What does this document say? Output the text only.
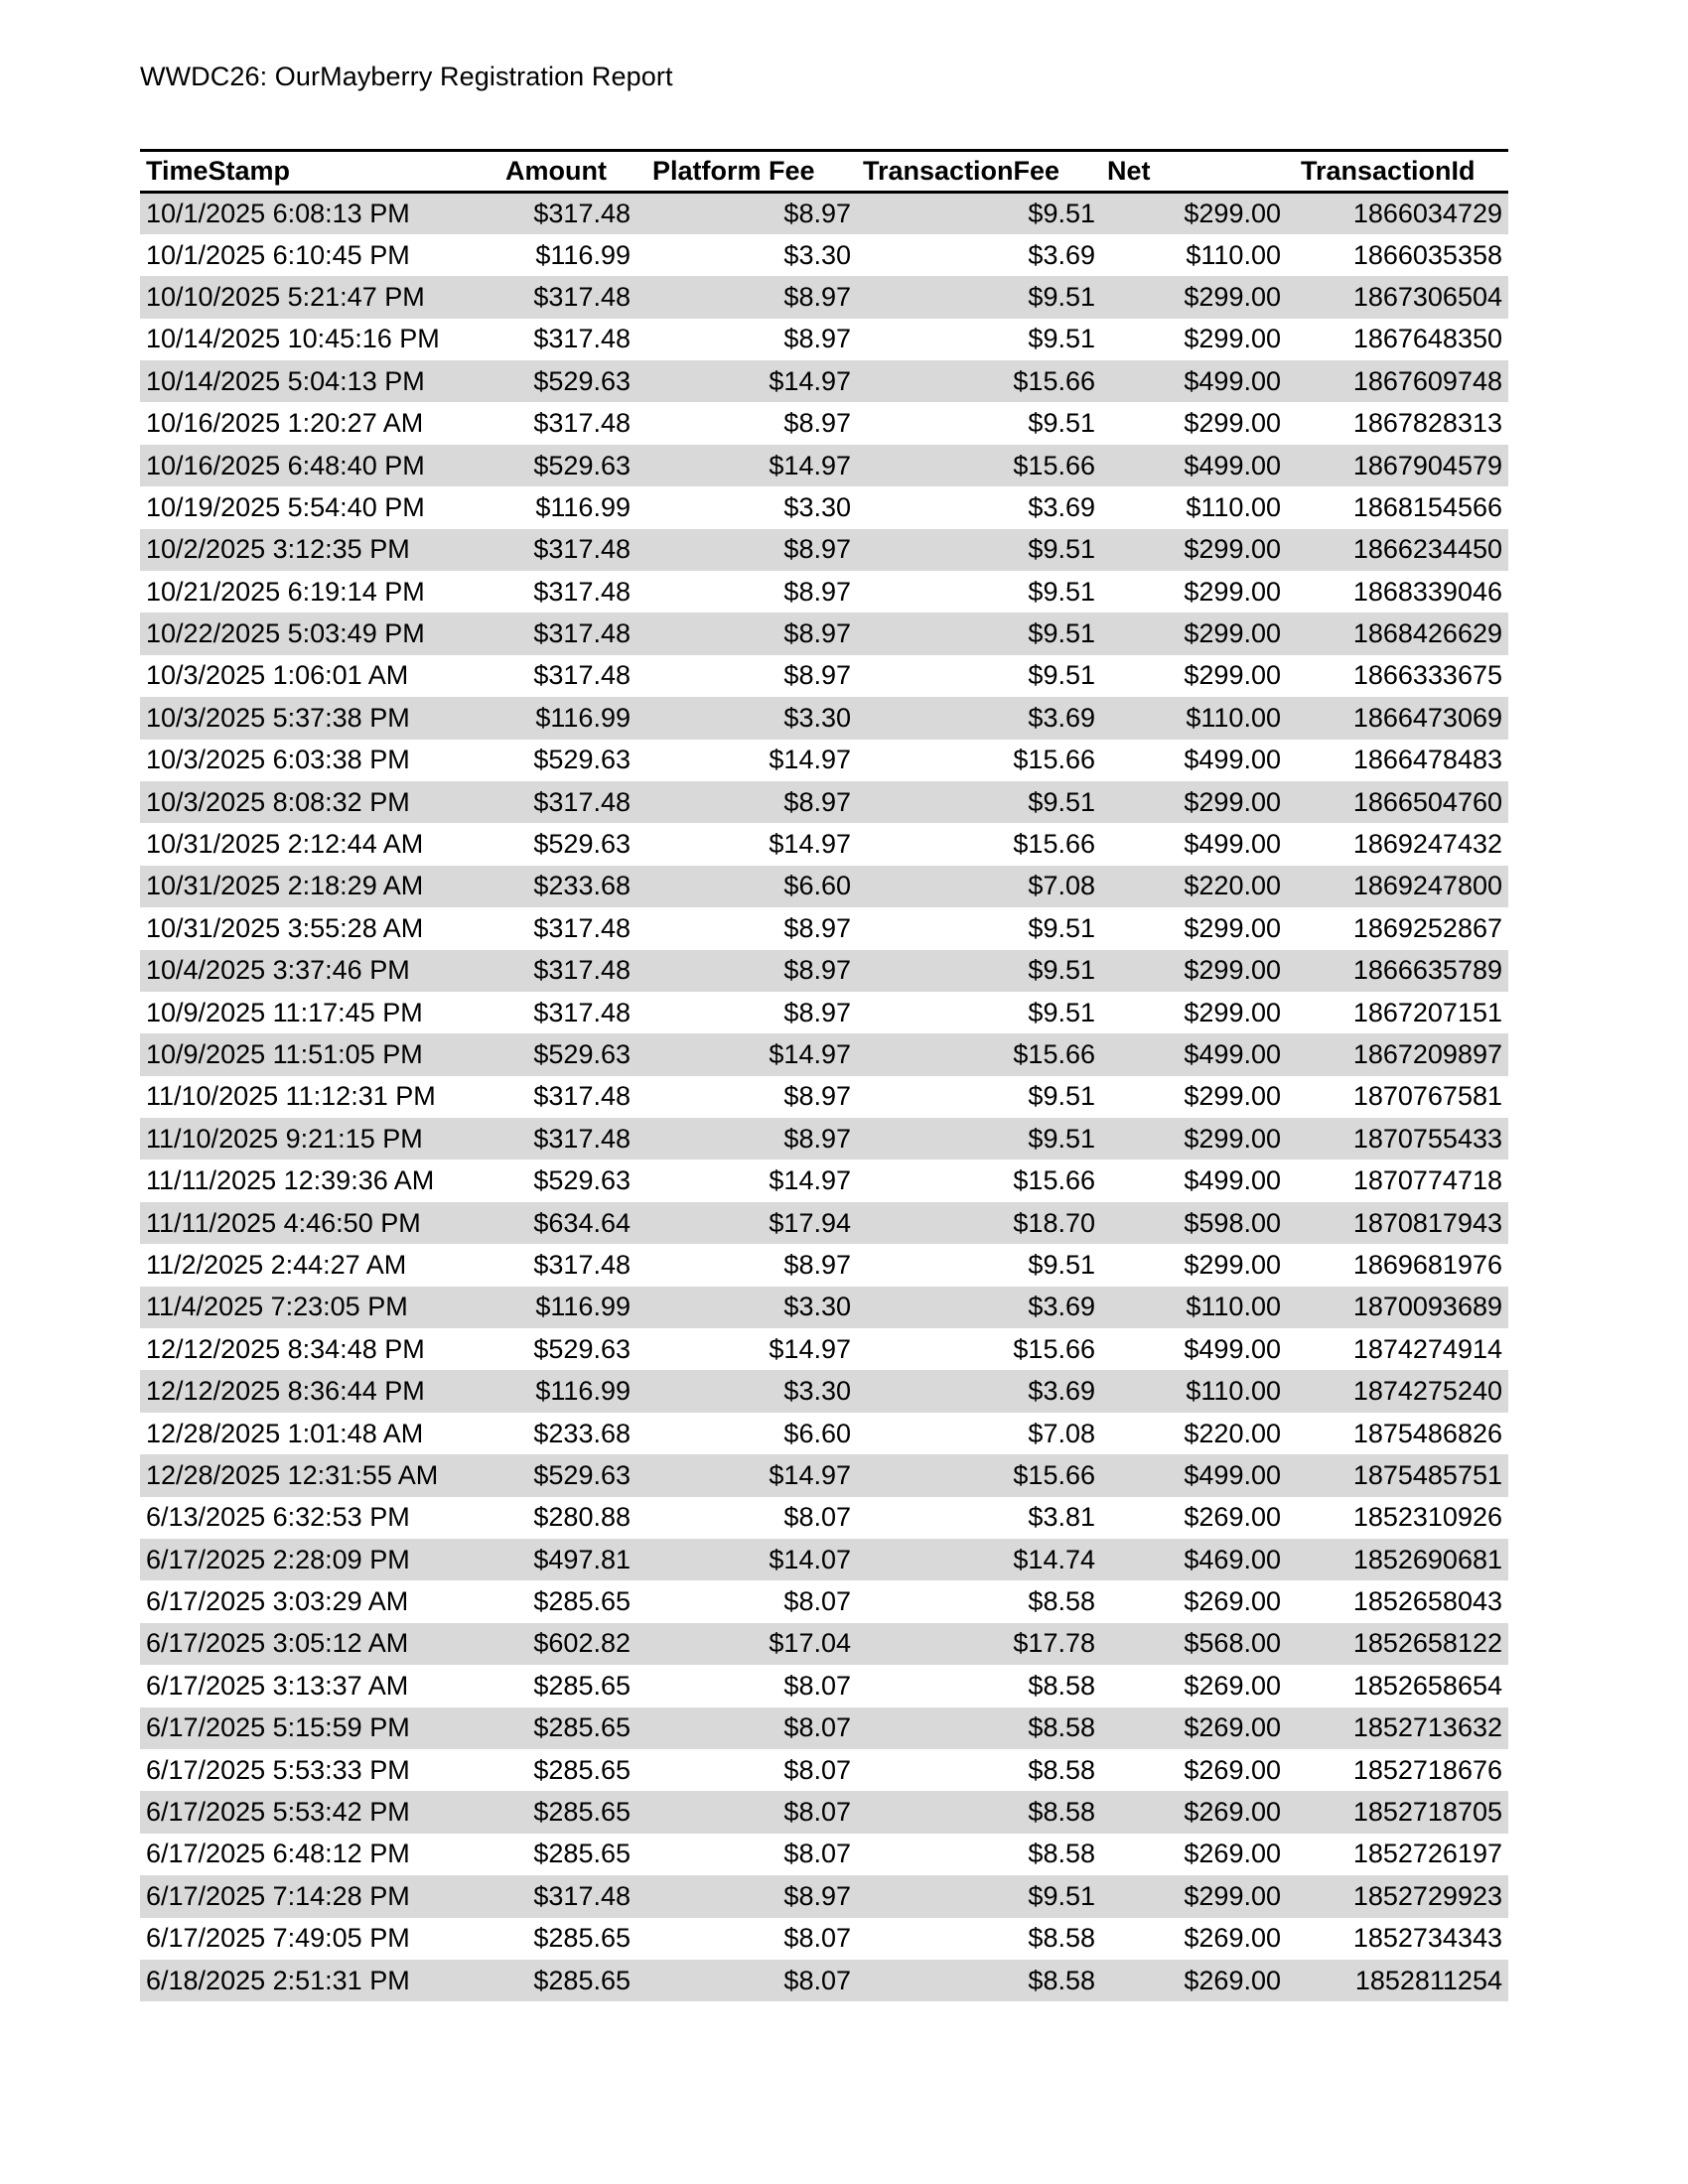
WWDC26: OurMayberry Registration Report
TimeStamp	Amount	Platform Fee	TransactionFee	Net	TransactionId
10/1/2025 6:08:13 PM	$317.48	$8.97	$9.51	$299.00	1866034729
10/1/2025 6:10:45 PM	$116.99	$3.30	$3.69	$110.00	1866035358
10/10/2025 5:21:47 PM	$317.48	$8.97	$9.51	$299.00	1867306504
10/14/2025 10:45:16 PM	$317.48	$8.97	$9.51	$299.00	1867648350
10/14/2025 5:04:13 PM	$529.63	$14.97	$15.66	$499.00	1867609748
10/16/2025 1:20:27 AM	$317.48	$8.97	$9.51	$299.00	1867828313
10/16/2025 6:48:40 PM	$529.63	$14.97	$15.66	$499.00	1867904579
10/19/2025 5:54:40 PM	$116.99	$3.30	$3.69	$110.00	1868154566
10/2/2025 3:12:35 PM	$317.48	$8.97	$9.51	$299.00	1866234450
10/21/2025 6:19:14 PM	$317.48	$8.97	$9.51	$299.00	1868339046
10/22/2025 5:03:49 PM	$317.48	$8.97	$9.51	$299.00	1868426629
10/3/2025 1:06:01 AM	$317.48	$8.97	$9.51	$299.00	1866333675
10/3/2025 5:37:38 PM	$116.99	$3.30	$3.69	$110.00	1866473069
10/3/2025 6:03:38 PM	$529.63	$14.97	$15.66	$499.00	1866478483
10/3/2025 8:08:32 PM	$317.48	$8.97	$9.51	$299.00	1866504760
10/31/2025 2:12:44 AM	$529.63	$14.97	$15.66	$499.00	1869247432
10/31/2025 2:18:29 AM	$233.68	$6.60	$7.08	$220.00	1869247800
10/31/2025 3:55:28 AM	$317.48	$8.97	$9.51	$299.00	1869252867
10/4/2025 3:37:46 PM	$317.48	$8.97	$9.51	$299.00	1866635789
10/9/2025 11:17:45 PM	$317.48	$8.97	$9.51	$299.00	1867207151
10/9/2025 11:51:05 PM	$529.63	$14.97	$15.66	$499.00	1867209897
11/10/2025 11:12:31 PM	$317.48	$8.97	$9.51	$299.00	1870767581
11/10/2025 9:21:15 PM	$317.48	$8.97	$9.51	$299.00	1870755433
11/11/2025 12:39:36 AM	$529.63	$14.97	$15.66	$499.00	1870774718
11/11/2025 4:46:50 PM	$634.64	$17.94	$18.70	$598.00	1870817943
11/2/2025 2:44:27 AM	$317.48	$8.97	$9.51	$299.00	1869681976
11/4/2025 7:23:05 PM	$116.99	$3.30	$3.69	$110.00	1870093689
12/12/2025 8:34:48 PM	$529.63	$14.97	$15.66	$499.00	1874274914
12/12/2025 8:36:44 PM	$116.99	$3.30	$3.69	$110.00	1874275240
12/28/2025 1:01:48 AM	$233.68	$6.60	$7.08	$220.00	1875486826
12/28/2025 12:31:55 AM	$529.63	$14.97	$15.66	$499.00	1875485751
6/13/2025 6:32:53 PM	$280.88	$8.07	$3.81	$269.00	1852310926
6/17/2025 2:28:09 PM	$497.81	$14.07	$14.74	$469.00	1852690681
6/17/2025 3:03:29 AM	$285.65	$8.07	$8.58	$269.00	1852658043
6/17/2025 3:05:12 AM	$602.82	$17.04	$17.78	$568.00	1852658122
6/17/2025 3:13:37 AM	$285.65	$8.07	$8.58	$269.00	1852658654
6/17/2025 5:15:59 PM	$285.65	$8.07	$8.58	$269.00	1852713632
6/17/2025 5:53:33 PM	$285.65	$8.07	$8.58	$269.00	1852718676
6/17/2025 5:53:42 PM	$285.65	$8.07	$8.58	$269.00	1852718705
6/17/2025 6:48:12 PM	$285.65	$8.07	$8.58	$269.00	1852726197
6/17/2025 7:14:28 PM	$317.48	$8.97	$9.51	$299.00	1852729923
6/17/2025 7:49:05 PM	$285.65	$8.07	$8.58	$269.00	1852734343
6/18/2025 2:51:31 PM	$285.65	$8.07	$8.58	$269.00	1852811254
